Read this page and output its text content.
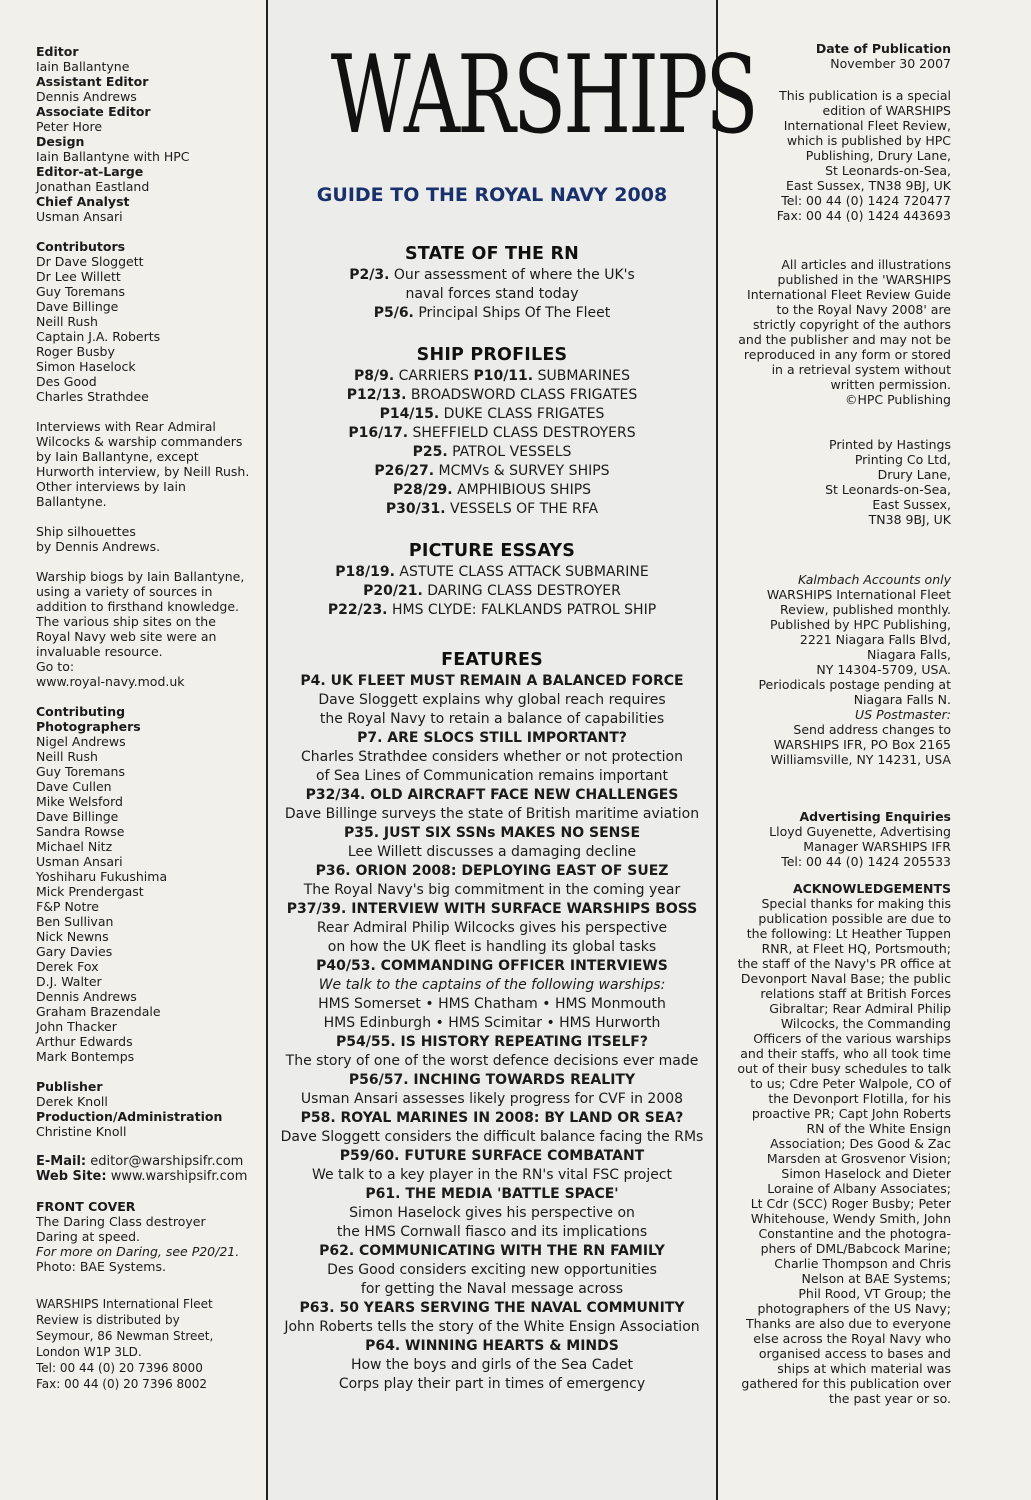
Editor
Iain Ballantyne
Assistant Editor
Dennis Andrews
Associate Editor
Peter Hore
Design
Iain Ballantyne with HPC
Editor-at-Large
Jonathan Eastland
Chief Analyst
Usman Ansari
Contributors
Dr Dave Sloggett
Dr Lee Willett
Guy Toremans
Dave Billinge
Neill Rush
Captain J.A. Roberts
Roger Busby
Simon Haselock
Des Good
Charles Strathdee

Interviews with Rear Admiral
Wilcocks & warship commanders
by Iain Ballantyne, except
Hurworth interview, by Neill Rush.
Other interviews by Iain
Ballantyne.

Ship silhouettes
by Dennis Andrews.

Warship biogs by Iain Ballantyne,
using a variety of sources in
addition to firsthand knowledge.
The various ship sites on the
Royal Navy web site were an
invaluable resource.
Go to:
www.royal-navy.mod.uk

Contributing
Photographers
Nigel Andrews
Neill Rush
Guy Toremans
Dave Cullen
Mike Welsford
Dave Billinge
Sandra Rowse
Michael Nitz
Usman Ansari
Yoshiharu Fukushima
Mick Prendergast
F&P Notre
Ben Sullivan
Nick Newns
Gary Davies
Derek Fox
D.J. Walter
Dennis Andrews
Graham Brazendale
John Thacker
Arthur Edwards
Mark Bontemps
Publisher
Derek Knoll
Production/Administration
Christine Knoll
E-Mail: editor@warshipsifr.com
Web Site: www.warshipsifr.com
FRONT COVER
The Daring Class destroyer
Daring at speed.
For more on Daring, see P20/21.
Photo: BAE Systems.
WARSHIPS International Fleet
Review is distributed by
Seymour, 86 Newman Street,
London W1P 3LD.
Tel: 00 44 (0) 20 7396 8000
Fax: 00 44 (0) 20 7396 8002
WARSHIPS
GUIDE TO THE ROYAL NAVY 2008
STATE OF THE RN
P2/3. Our assessment of where the UK's
naval forces stand today
P5/6. Principal Ships Of The Fleet
SHIP PROFILES
P8/9. CARRIERS P10/11. SUBMARINES
P12/13. BROADSWORD CLASS FRIGATES
P14/15. DUKE CLASS FRIGATES
P16/17. SHEFFIELD CLASS DESTROYERS
P25. PATROL VESSELS
P26/27. MCMVs & SURVEY SHIPS
P28/29. AMPHIBIOUS SHIPS
P30/31. VESSELS OF THE RFA
PICTURE ESSAYS
P18/19. ASTUTE CLASS ATTACK SUBMARINE
P20/21. DARING CLASS DESTROYER
P22/23. HMS CLYDE: FALKLANDS PATROL SHIP
FEATURES
P4. UK FLEET MUST REMAIN A BALANCED FORCE
Dave Sloggett explains why global reach requires
the Royal Navy to retain a balance of capabilities
P7. ARE SLOCS STILL IMPORTANT?
Charles Strathdee considers whether or not protection
of Sea Lines of Communication remains important
P32/34. OLD AIRCRAFT FACE NEW CHALLENGES
Dave Billinge surveys the state of British maritime aviation
P35. JUST SIX SSNs MAKES NO SENSE
Lee Willett discusses a damaging decline
P36. ORION 2008: DEPLOYING EAST OF SUEZ
The Royal Navy's big commitment in the coming year
P37/39. INTERVIEW WITH SURFACE WARSHIPS BOSS
Rear Admiral Philip Wilcocks gives his perspective
on how the UK fleet is handling its global tasks
P40/53. COMMANDING OFFICER INTERVIEWS
We talk to the captains of the following warships:
HMS Somerset • HMS Chatham • HMS Monmouth
HMS Edinburgh • HMS Scimitar • HMS Hurworth
P54/55. IS HISTORY REPEATING ITSELF?
The story of one of the worst defence decisions ever made
P56/57. INCHING TOWARDS REALITY
Usman Ansari assesses likely progress for CVF in 2008
P58. ROYAL MARINES IN 2008: BY LAND OR SEA?
Dave Sloggett considers the difficult balance facing the RMs
P59/60. FUTURE SURFACE COMBATANT
We talk to a key player in the RN's vital FSC project
P61. THE MEDIA 'BATTLE SPACE'
Simon Haselock gives his perspective on
the HMS Cornwall fiasco and its implications
P62. COMMUNICATING WITH THE RN FAMILY
Des Good considers exciting new opportunities
for getting the Naval message across
P63. 50 YEARS SERVING THE NAVAL COMMUNITY
John Roberts tells the story of the White Ensign Association
P64. WINNING HEARTS & MINDS
How the boys and girls of the Sea Cadet
Corps play their part in times of emergency
Date of Publication
November 30 2007
This publication is a special
edition of WARSHIPS
International Fleet Review,
which is published by HPC
Publishing, Drury Lane,
St Leonards-on-Sea,
East Sussex, TN38 9BJ, UK
Tel: 00 44 (0) 1424 720477
Fax: 00 44 (0) 1424 443693
All articles and illustrations
published in the 'WARSHIPS
International Fleet Review Guide
to the Royal Navy 2008' are
strictly copyright of the authors
and the publisher and may not be
reproduced in any form or stored
in a retrieval system without
written permission.
©HPC Publishing
Printed by Hastings
Printing Co Ltd,
Drury Lane,
St Leonards-on-Sea,
East Sussex,
TN38 9BJ, UK
Kalmbach Accounts only
WARSHIPS International Fleet
Review, published monthly.
Published by HPC Publishing,
2221 Niagara Falls Blvd,
Niagara Falls,
NY 14304-5709, USA.
Periodicals postage pending at
Niagara Falls N.
US Postmaster:
Send address changes to
WARSHIPS IFR, PO Box 2165
Williamsville, NY 14231, USA
Advertising Enquiries
Lloyd Guyenette, Advertising
Manager WARSHIPS IFR
Tel: 00 44 (0) 1424 205533
ACKNOWLEDGEMENTS
Special thanks for making this
publication possible are due to
the following: Lt Heather Tuppen
RNR, at Fleet HQ, Portsmouth;
the staff of the Navy's PR office at
Devonport Naval Base; the public
relations staff at British Forces
Gibraltar; Rear Admiral Philip
Wilcocks, the Commanding
Officers of the various warships
and their staffs, who all took time
out of their busy schedules to talk
to us; Cdre Peter Walpole, CO of
the Devonport Flotilla, for his
proactive PR; Capt John Roberts
RN of the White Ensign
Association; Des Good & Zac
Marsden at Grosvenor Vision;
Simon Haselock and Dieter
Loraine of Albany Associates;
Lt Cdr (SCC) Roger Busby; Peter
Whitehouse, Wendy Smith, John
Constantine and the photogra-
phers of DML/Babcock Marine;
Charlie Thompson and Chris
Nelson at BAE Systems;
Phil Rood, VT Group; the
photographers of the US Navy;
Thanks are also due to everyone
else across the Royal Navy who
organised access to bases and
ships at which material was
gathered for this publication over
the past year or so.
